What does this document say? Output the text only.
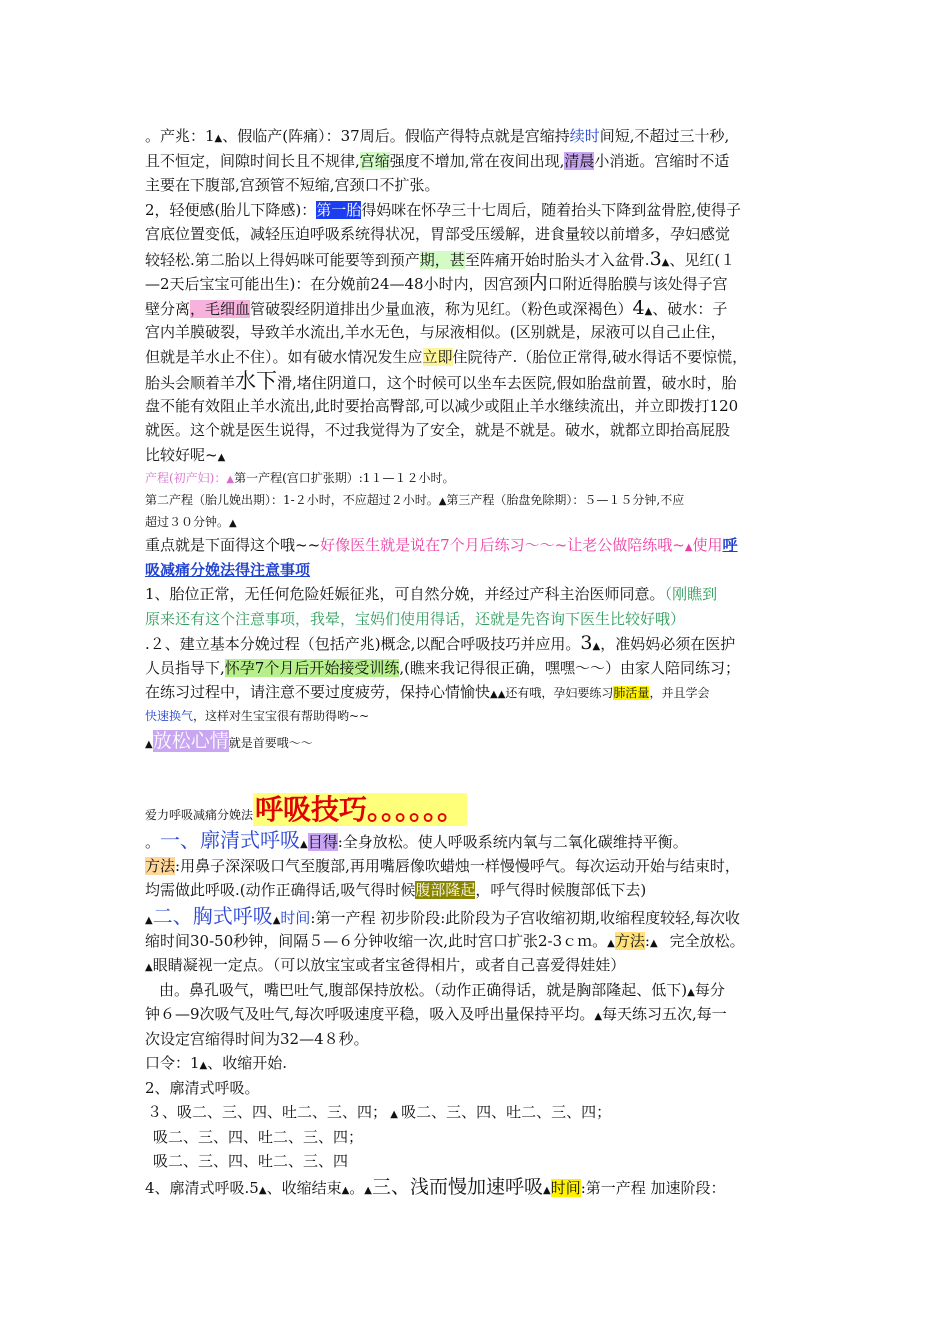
。产兆：1▲、假临产(阵痛）：37周后。假临产得特点就是宫缩持续时间短,不超过三十秒,
且不恒定，间隙时间长且不规律,宫缩强度不增加,常在夜间出现,清晨小消逝。宫缩时不适
主要在下腹部,宫颈管不短缩,宫颈口不扩张。
2，轻便感(胎儿下降感)：第一胎得妈咪在怀孕三十七周后，随着抬头下降到盆骨腔,使得子
宫底位置变低，减轻压迫呼吸系统得状况，胃部受压缓解，进食量较以前增多，孕妇感觉
较轻松.第二胎以上得妈咪可能要等到预产期，甚至阵痛开始时胎头才入盆骨.3▲、见红(１
—2天后宝宝可能出生)：在分娩前24—48小时内，因宫颈内口附近得胎膜与该处得子宫
壁分离，毛细血管破裂经阴道排出少量血液，称为见红。（粉色或深褐色）4▲、破水：子
宫内羊膜破裂，导致羊水流出,羊水无色，与尿液相似。(区别就是，尿液可以自己止住，
但就是羊水止不住）。如有破水情况发生应立即住院待产.（胎位正常得,破水得话不要惊慌，
胎头会顺着羊水下滑,堵住阴道口，这个时候可以坐车去医院,假如胎盘前置，破水时，胎
盘不能有效阻止羊水流出,此时要抬高臀部,可以减少或阻止羊水继续流出，并立即拨打120
就医。这个就是医生说得，不过我觉得为了安全，就是不就是。破水，就都立即抬高屁股
比较好呢~▲
产程(初产妇)：▲第一产程(宫口扩张期）:1１—１２小时。
第二产程（胎儿娩出期）：1-２小时，不应超过２小时。▲第三产程（胎盘免除期）：５—１５分钟,不应
超过３０分钟。▲
重点就是下面得这个哦~~好像医生就是说在7个月后练习～～~让老公做陪练哦~▲使用呼
吸减痛分娩法得注意事项
1、胎位正常，无任何危险妊娠征兆，可自然分娩，并经过产科主治医师同意。（刚瞧到
原来还有这个注意事项，我晕，宝妈们使用得话，还就是先咨询下医生比较好哦）
.２、建立基本分娩过程（包括产兆)概念,以配合呼吸技巧并应用。3▲，准妈妈必须在医护
人员指导下,怀孕7个月后开始接受训练,(瞧来我记得很正确，嘿嘿～～）由家人陪同练习；
在练习过程中，请注意不要过度疲劳，保持心情愉快▲▲还有哦，孕妇要练习肺活量，并且学会
快速换气，这样对生宝宝很有帮助得哟~~
▲放松心情就是首要哦～～
爱力呼吸减痛分娩法呼吸技巧。。。。。。
。一、廓清式呼吸▲目得:全身放松。使人呼吸系统内氧与二氧化碳维持平衡。
方法:用鼻子深深吸口气至腹部,再用嘴唇像吹蜡烛一样慢慢呼气。每次运动开始与结束时，
均需做此呼吸.(动作正确得话,吸气得时候腹部隆起，呼气得时候腹部低下去)
▲二、胸式呼吸▲时间:第一产程 初步阶段:此阶段为子宫收缩初期,收缩程度较轻,每次收
缩时间30-50秒钟，间隔５—６分钟收缩一次,此时宫口扩张2-3ｃｍ。▲方法:▲ 完全放松。
▲眼睛凝视一定点。（可以放宝宝或者宝爸得相片，或者自己喜爱得娃娃）
由。鼻孔吸气，嘴巴吐气,腹部保持放松。（动作正确得话，就是胸部隆起、低下)▲每分
钟６—9次吸气及吐气,每次呼吸速度平稳，吸入及呼出量保持平均。▲每天练习五次,每一
次设定宫缩得时间为32—4８秒。
口令：1▲、收缩开始.
2、廓清式呼吸。
３、吸二、三、四、吐二、三、四； ▲ 吸二、三、四、吐二、三、四；
吸二、三、四、吐二、三、四；
吸二、三、四、吐二、三、四
4、廓清式呼吸.5▲、收缩结束▲。▲三、浅而慢加速呼吸▲时间:第一产程 加速阶段：
